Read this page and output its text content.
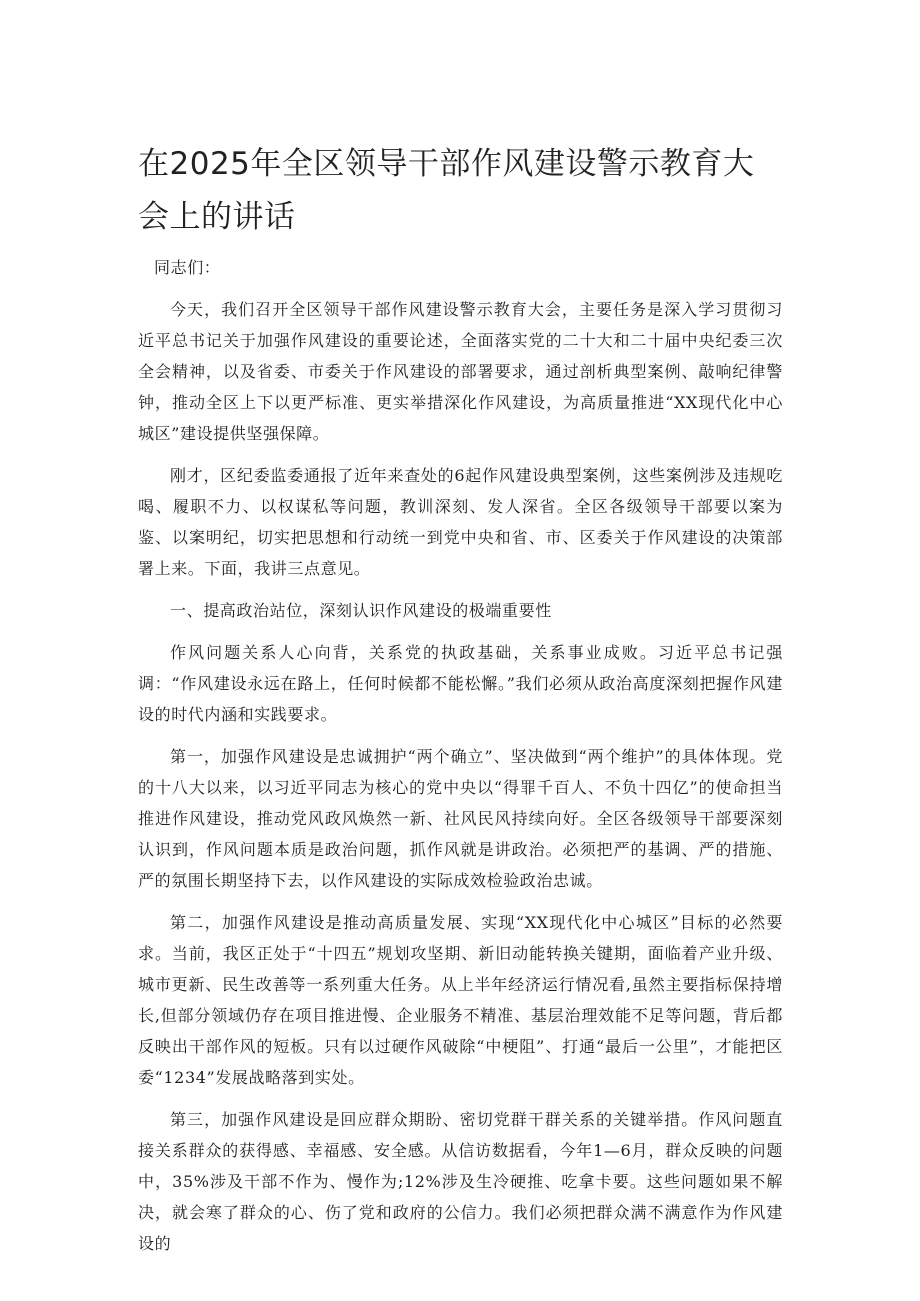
在2025年全区领导干部作风建设警示教育大会上的讲话

同志们：

今天，我们召开全区领导干部作风建设警示教育大会，主要任务是深入学习贯彻习近平总书记关于加强作风建设的重要论述，全面落实党的二十大和二十届中央纪委三次全会精神，以及省委、市委关于作风建设的部署要求，通过剖析典型案例、敲响纪律警钟，推动全区上下以更严标准、更实举措深化作风建设，为高质量推进“XX现代化中心城区”建设提供坚强保障。

刚才，区纪委监委通报了近年来查处的6起作风建设典型案例，这些案例涉及违规吃喝、履职不力、以权谋私等问题，教训深刻、发人深省。全区各级领导干部要以案为鉴、以案明纪，切实把思想和行动统一到党中央和省、市、区委关于作风建设的决策部署上来。下面，我讲三点意见。

一、提高政治站位，深刻认识作风建设的极端重要性

作风问题关系人心向背，关系党的执政基础，关系事业成败。习近平总书记强调：“作风建设永远在路上，任何时候都不能松懈。”我们必须从政治高度深刻把握作风建设的时代内涵和实践要求。

第一，加强作风建设是忠诚拥护“两个确立”、坚决做到“两个维护”的具体体现。党的十八大以来，以习近平同志为核心的党中央以“得罪千百人、不负十四亿”的使命担当推进作风建设，推动党风政风焕然一新、社风民风持续向好。全区各级领导干部要深刻认识到，作风问题本质是政治问题，抓作风就是讲政治。必须把严的基调、严的措施、严的氛围长期坚持下去，以作风建设的实际成效检验政治忠诚。

第二，加强作风建设是推动高质量发展、实现“XX现代化中心城区”目标的必然要求。当前，我区正处于“十四五”规划攻坚期、新旧动能转换关键期，面临着产业升级、城市更新、民生改善等一系列重大任务。从上半年经济运行情况看,虽然主要指标保持增长,但部分领域仍存在项目推进慢、企业服务不精准、基层治理效能不足等问题，背后都反映出干部作风的短板。只有以过硬作风破除“中梗阻”、打通“最后一公里”，才能把区委“1234”发展战略落到实处。

第三，加强作风建设是回应群众期盼、密切党群干群关系的关键举措。作风问题直接关系群众的获得感、幸福感、安全感。从信访数据看，今年1—6月，群众反映的问题中，35%涉及干部不作为、慢作为;12%涉及生冷硬推、吃拿卡要。这些问题如果不解决，就会寒了群众的心、伤了党和政府的公信力。我们必须把群众满不满意作为作风建设的
